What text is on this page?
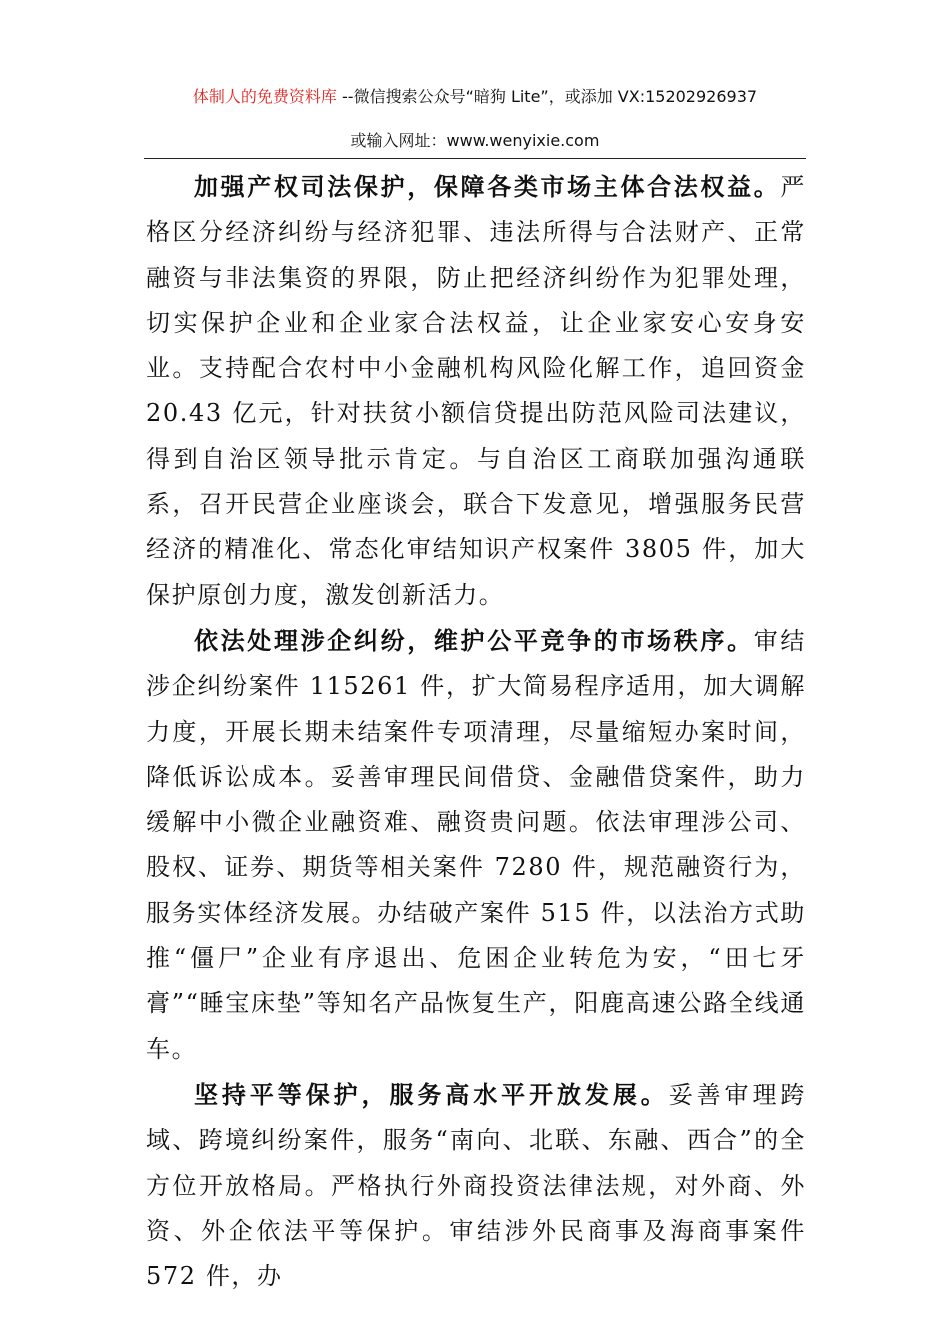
体制人的免费资料库 --微信搜索公众号“暗狗 Lite”，或添加 VX:15202926937
或输入网址：www.wenyixie.com

加强产权司法保护，保障各类市场主体合法权益。严格区分经济纠纷与经济犯罪、违法所得与合法财产、正常融资与非法集资的界限，防止把经济纠纷作为犯罪处理，切实保护企业和企业家合法权益，让企业家安心安身安业。支持配合农村中小金融机构风险化解工作，追回资金 20.43 亿元，针对扶贫小额信贷提出防范风险司法建议，得到自治区领导批示肯定。与自治区工商联加强沟通联系，召开民营企业座谈会，联合下发意见，增强服务民营经济的精准化、常态化审结知识产权案件 3805 件，加大保护原创力度，激发创新活力。

依法处理涉企纠纷，维护公平竞争的市场秩序。审结涉企纠纷案件 115261 件，扩大简易程序适用，加大调解力度，开展长期未结案件专项清理，尽量缩短办案时间，降低诉讼成本。妥善审理民间借贷、金融借贷案件，助力缓解中小微企业融资难、融资贵问题。依法审理涉公司、股权、证券、期货等相关案件 7280 件，规范融资行为，服务实体经济发展。办结破产案件 515 件，以法治方式助推“僵尸”企业有序退出、危困企业转危为安，“田七牙膏”“睡宝床垫”等知名产品恢复生产，阳鹿高速公路全线通车。

坚持平等保护，服务高水平开放发展。妥善审理跨域、跨境纠纷案件，服务“南向、北联、东融、西合”的全方位开放格局。严格执行外商投资法律法规，对外商、外资、外企依法平等保护。审结涉外民商事及海商事案件 572 件，办
